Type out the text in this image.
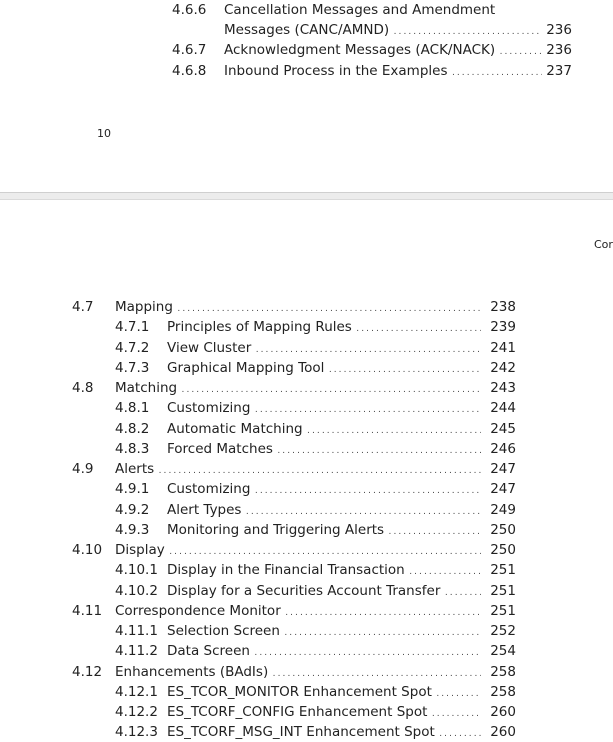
4.6.6 Cancellation Messages and Amendment
Messages (CANC/AMND) . . .	236
4.6.7 Acknowledgment Messages (ACK/NACK) . . .	236
4.6.8 Inbound Process in the Examples . . .	237
10
Cor
4.7 Mapping . . .	238
4.7.1 Principles of Mapping Rules . . .	239
4.7.2 View Cluster . . .	241
4.7.3 Graphical Mapping Tool . . .	242
4.8 Matching . . .	243
4.8.1 Customizing . . .	244
4.8.2 Automatic Matching . . .	245
4.8.3 Forced Matches . . .	246
4.9 Alerts . . .	247
4.9.1 Customizing . . .	247
4.9.2 Alert Types . . .	249
4.9.3 Monitoring and Triggering Alerts . . .	250
4.10 Display . . .	250
4.10.1 Display in the Financial Transaction . . .	251
4.10.2 Display for a Securities Account Transfer . . .	251
4.11 Correspondence Monitor . . .	251
4.11.1 Selection Screen . . .	252
4.11.2 Data Screen . . .	254
4.12 Enhancements (BAdIs) . . .	258
4.12.1 ES_TCOR_MONITOR Enhancement Spot . . .	258
4.12.2 ES_TCORF_CONFIG Enhancement Spot . . .	260
4.12.3 ES_TCORF_MSG_INT Enhancement Spot . . .	260
